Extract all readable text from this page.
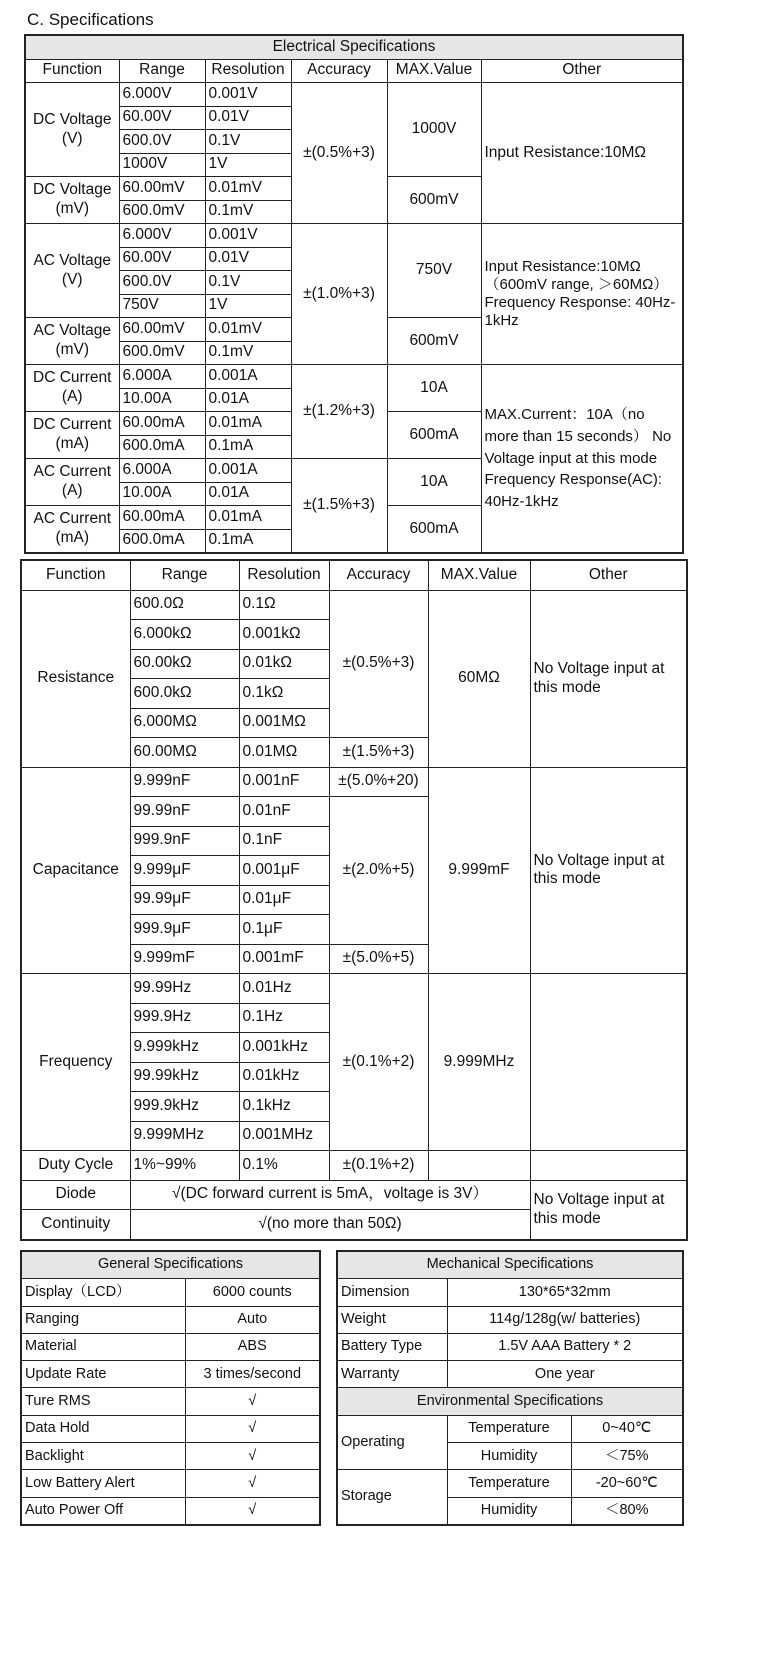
C. Specifications
Electrical Specifications					
Function	Range	Resolution	Accuracy	MAX.Value	Other
DC Voltage (V)	6.000V	0.001V	±(0.5%+3)	1000V	Input Resistance:10MΩ
	60.00V	0.01V			
	600.0V	0.1V			
	1000V	1V			
DC Voltage (mV)	60.00mV	0.01mV		600mV	
	600.0mV	0.1mV			
AC Voltage (V)	6.000V	0.001V	±(1.0%+3)	750V	Input Resistance:10MΩ （600mV range, ＞60MΩ） Frequency Response: 40Hz-1kHz
	60.00V	0.01V			
	600.0V	0.1V			
	750V	1V			
AC Voltage (mV)	60.00mV	0.01mV		600mV	
	600.0mV	0.1mV			
DC Current (A)	6.000A	0.001A	±(1.2%+3)	10A	MAX.Current：10A（no more than 15 seconds） No Voltage input at this mode Frequency Response(AC): 40Hz-1kHz
	10.00A	0.01A			
DC Current (mA)	60.00mA	0.01mA		600mA	
	600.0mA	0.1mA			
AC Current (A)	6.000A	0.001A	±(1.5%+3)	10A	
	10.00A	0.01A			
AC Current (mA)	60.00mA	0.01mA		600mA	
	600.0mA	0.1mA			
Function	Range	Resolution	Accuracy	MAX.Value	Other
Resistance	600.0Ω	0.1Ω	±(0.5%+3)	60MΩ	No Voltage input at this mode
	6.000kΩ	0.001kΩ			
	60.00kΩ	0.01kΩ			
	600.0kΩ	0.1kΩ			
	6.000MΩ	0.001MΩ			
	60.00MΩ	0.01MΩ	±(1.5%+3)		
Capacitance	9.999nF	0.001nF	±(5.0%+20)	9.999mF	No Voltage input at this mode
	99.99nF	0.01nF	±(2.0%+5)		
	999.9nF	0.1nF			
	9.999μF	0.001μF			
	99.99μF	0.01μF			
	999.9μF	0.1μF			
	9.999mF	0.001mF	±(5.0%+5)		
Frequency	99.99Hz	0.01Hz	±(0.1%+2)	9.999MHz	
	999.9Hz	0.1Hz			
	9.999kHz	0.001kHz			
	99.99kHz	0.01kHz			
	999.9kHz	0.1kHz			
	9.999MHz	0.001MHz			
Duty Cycle	1%~99%	0.1%	±(0.1%+2)		
Diode	√(DC forward current is 5mA，voltage is 3V）				No Voltage input at this mode
Continuity	√(no more than 50Ω)				
General Specifications	
Display（LCD）	6000 counts
Ranging	Auto
Material	ABS
Update Rate	3 times/second
Ture RMS	√
Data Hold	√
Backlight	√
Low Battery Alert	√
Auto Power Off	√
Mechanical Specifications		
Dimension	130*65*32mm	
Weight	114g/128g(w/ batteries)	
Battery Type	1.5V AAA Battery * 2	
Warranty	One year	
Environmental Specifications		
Operating	Temperature	0~40℃
	Humidity	＜75%
Storage	Temperature	-20~60℃
	Humidity	＜80%
